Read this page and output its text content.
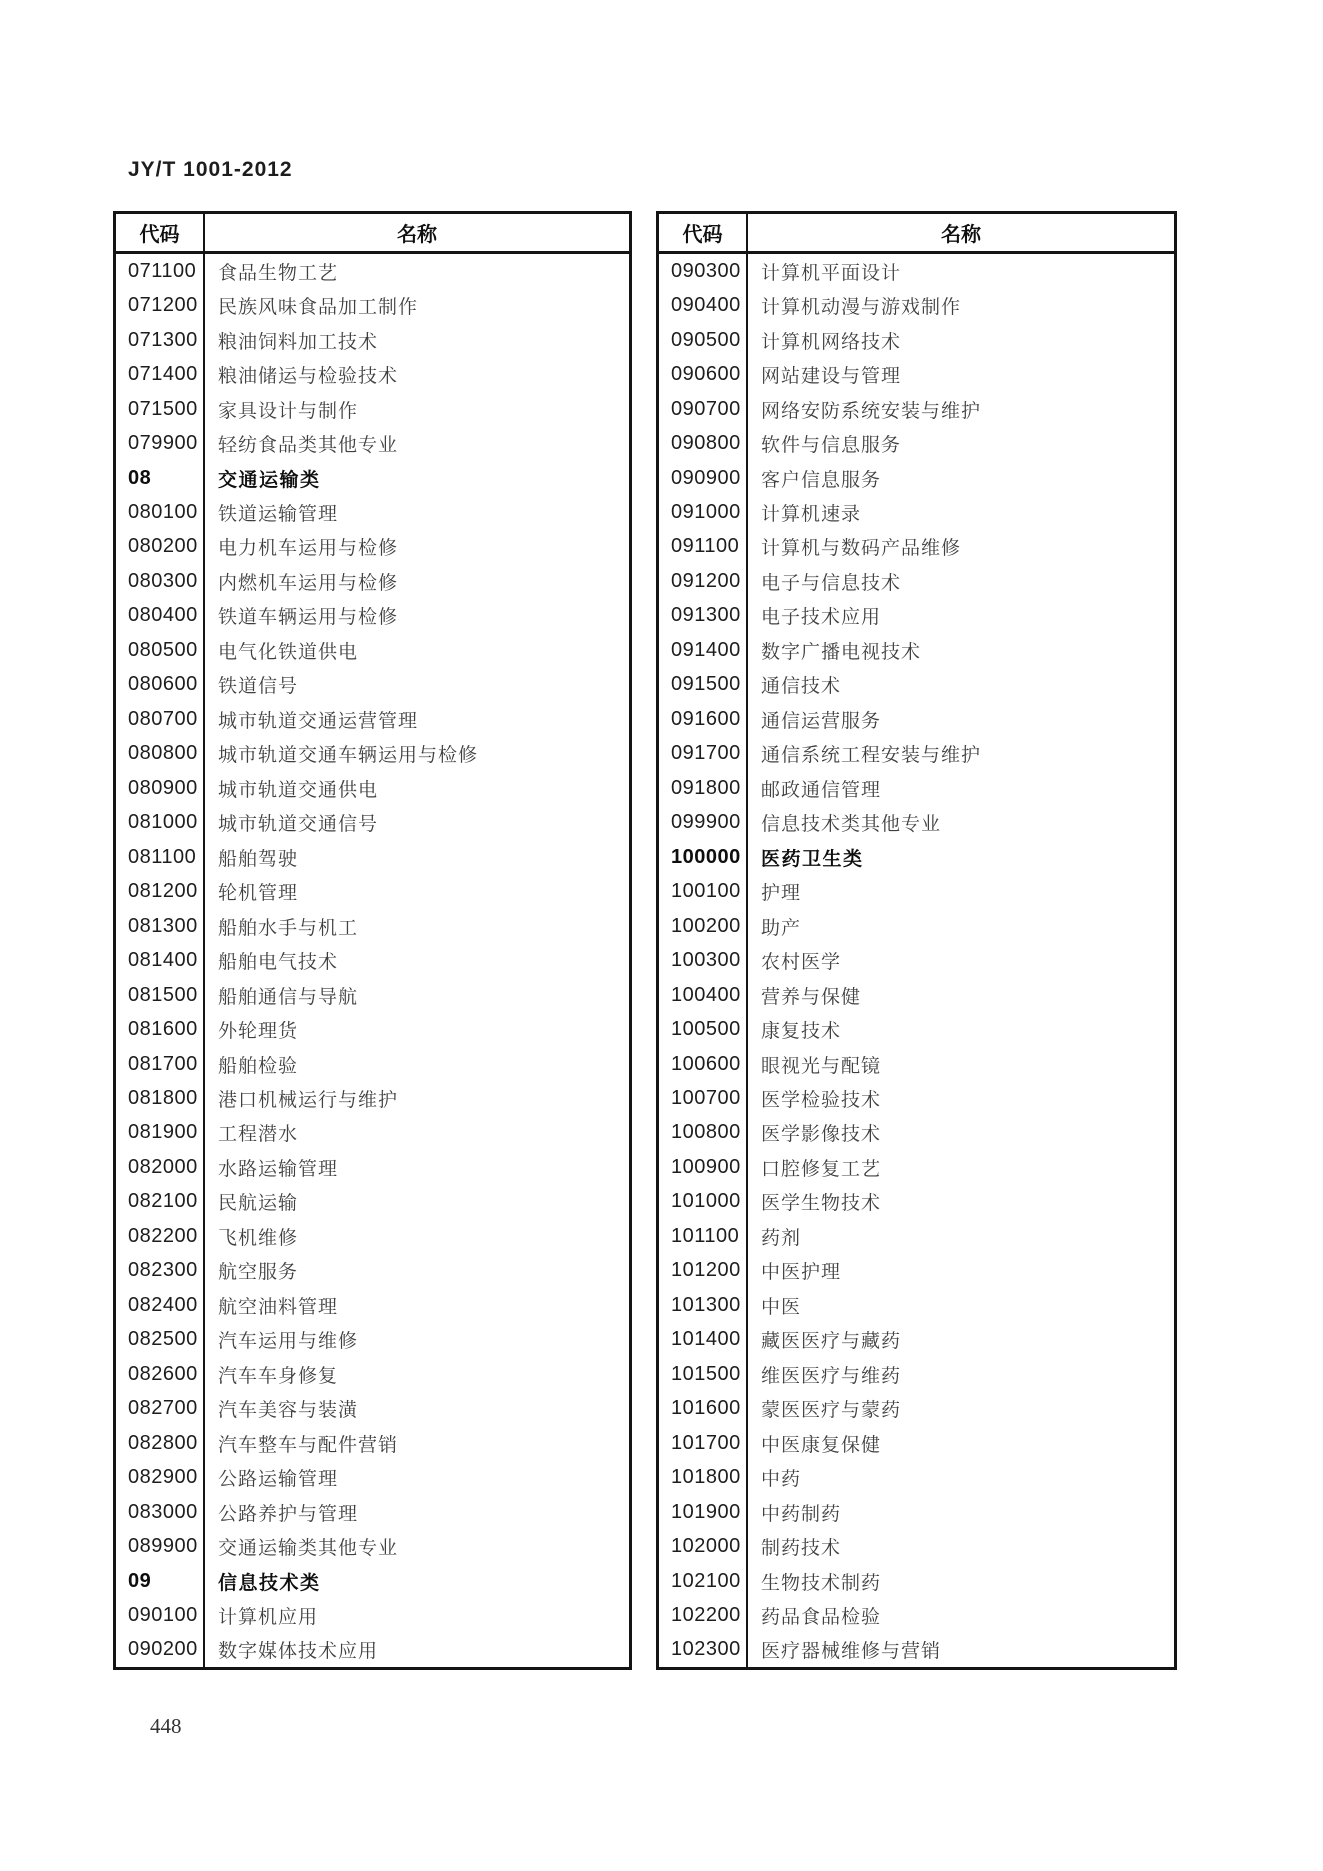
JY/T 1001-2012
代码	名称
071100	食品生物工艺
071200	民族风味食品加工制作
071300	粮油饲料加工技术
071400	粮油储运与检验技术
071500	家具设计与制作
079900	轻纺食品类其他专业
08	交通运输类
080100	铁道运输管理
080200	电力机车运用与检修
080300	内燃机车运用与检修
080400	铁道车辆运用与检修
080500	电气化铁道供电
080600	铁道信号
080700	城市轨道交通运营管理
080800	城市轨道交通车辆运用与检修
080900	城市轨道交通供电
081000	城市轨道交通信号
081100	船舶驾驶
081200	轮机管理
081300	船舶水手与机工
081400	船舶电气技术
081500	船舶通信与导航
081600	外轮理货
081700	船舶检验
081800	港口机械运行与维护
081900	工程潜水
082000	水路运输管理
082100	民航运输
082200	飞机维修
082300	航空服务
082400	航空油料管理
082500	汽车运用与维修
082600	汽车车身修复
082700	汽车美容与装潢
082800	汽车整车与配件营销
082900	公路运输管理
083000	公路养护与管理
089900	交通运输类其他专业
09	信息技术类
090100	计算机应用
090200	数字媒体技术应用
代码	名称
090300	计算机平面设计
090400	计算机动漫与游戏制作
090500	计算机网络技术
090600	网站建设与管理
090700	网络安防系统安装与维护
090800	软件与信息服务
090900	客户信息服务
091000	计算机速录
091100	计算机与数码产品维修
091200	电子与信息技术
091300	电子技术应用
091400	数字广播电视技术
091500	通信技术
091600	通信运营服务
091700	通信系统工程安装与维护
091800	邮政通信管理
099900	信息技术类其他专业
100000	医药卫生类
100100	护理
100200	助产
100300	农村医学
100400	营养与保健
100500	康复技术
100600	眼视光与配镜
100700	医学检验技术
100800	医学影像技术
100900	口腔修复工艺
101000	医学生物技术
101100	药剂
101200	中医护理
101300	中医
101400	藏医医疗与藏药
101500	维医医疗与维药
101600	蒙医医疗与蒙药
101700	中医康复保健
101800	中药
101900	中药制药
102000	制药技术
102100	生物技术制药
102200	药品食品检验
102300	医疗器械维修与营销
448
